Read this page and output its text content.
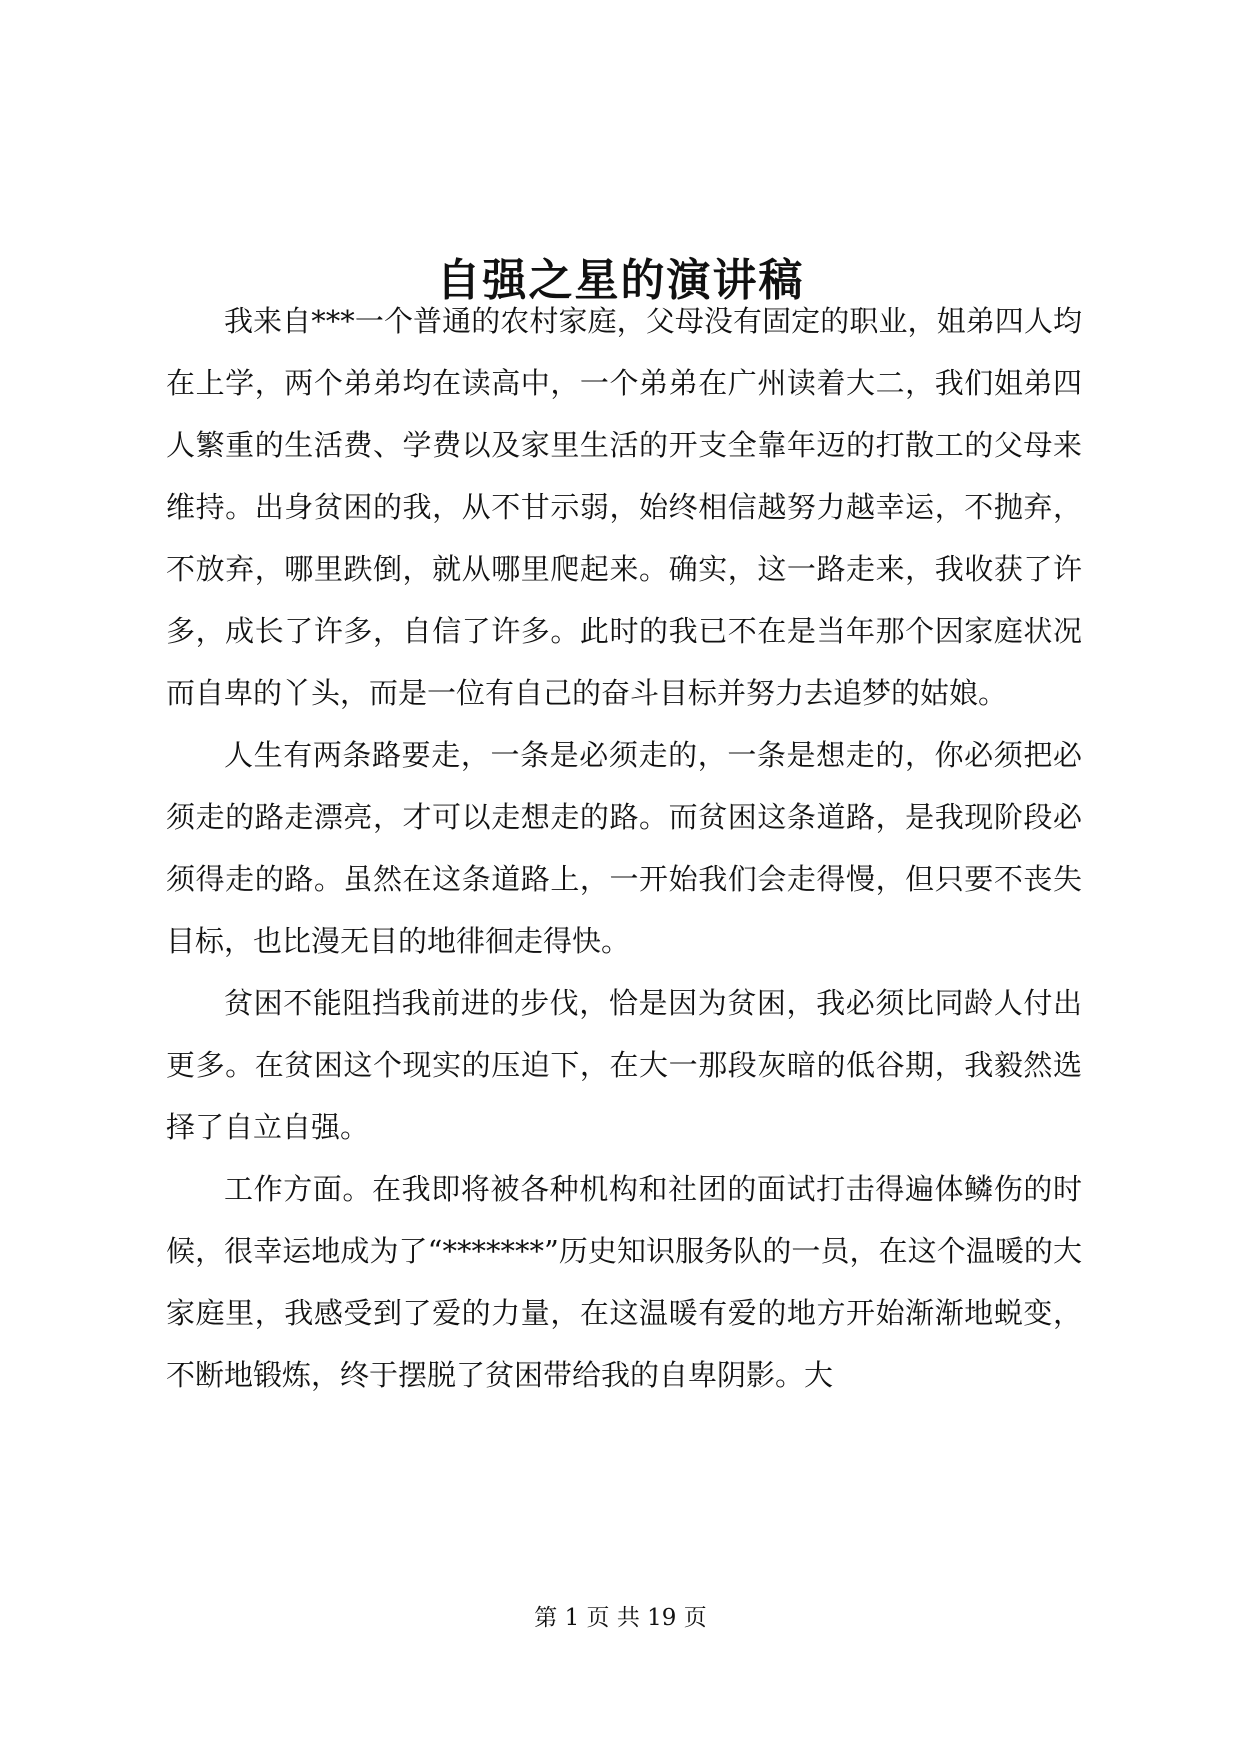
自强之星的演讲稿

我来自***一个普通的农村家庭，父母没有固定的职业，姐弟四人均在上学，两个弟弟均在读高中，一个弟弟在广州读着大二，我们姐弟四人繁重的生活费、学费以及家里生活的开支全靠年迈的打散工的父母来维持。出身贫困的我，从不甘示弱，始终相信越努力越幸运，不抛弃，不放弃，哪里跌倒，就从哪里爬起来。确实，这一路走来，我收获了许多，成长了许多，自信了许多。此时的我已不在是当年那个因家庭状况而自卑的丫头，而是一位有自己的奋斗目标并努力去追梦的姑娘。

人生有两条路要走，一条是必须走的，一条是想走的，你必须把必须走的路走漂亮，才可以走想走的路。而贫困这条道路，是我现阶段必须得走的路。虽然在这条道路上，一开始我们会走得慢，但只要不丧失目标，也比漫无目的地徘徊走得快。

贫困不能阻挡我前进的步伐，恰是因为贫困，我必须比同龄人付出更多。在贫困这个现实的压迫下，在大一那段灰暗的低谷期，我毅然选择了自立自强。

工作方面。在我即将被各种机构和社团的面试打击得遍体鳞伤的时候，很幸运地成为了“*******”历史知识服务队的一员，在这个温暖的大家庭里，我感受到了爱的力量，在这温暖有爱的地方开始渐渐地蜕变，不断地锻炼，终于摆脱了贫困带给我的自卑阴影。大

第 1 页 共 19 页
